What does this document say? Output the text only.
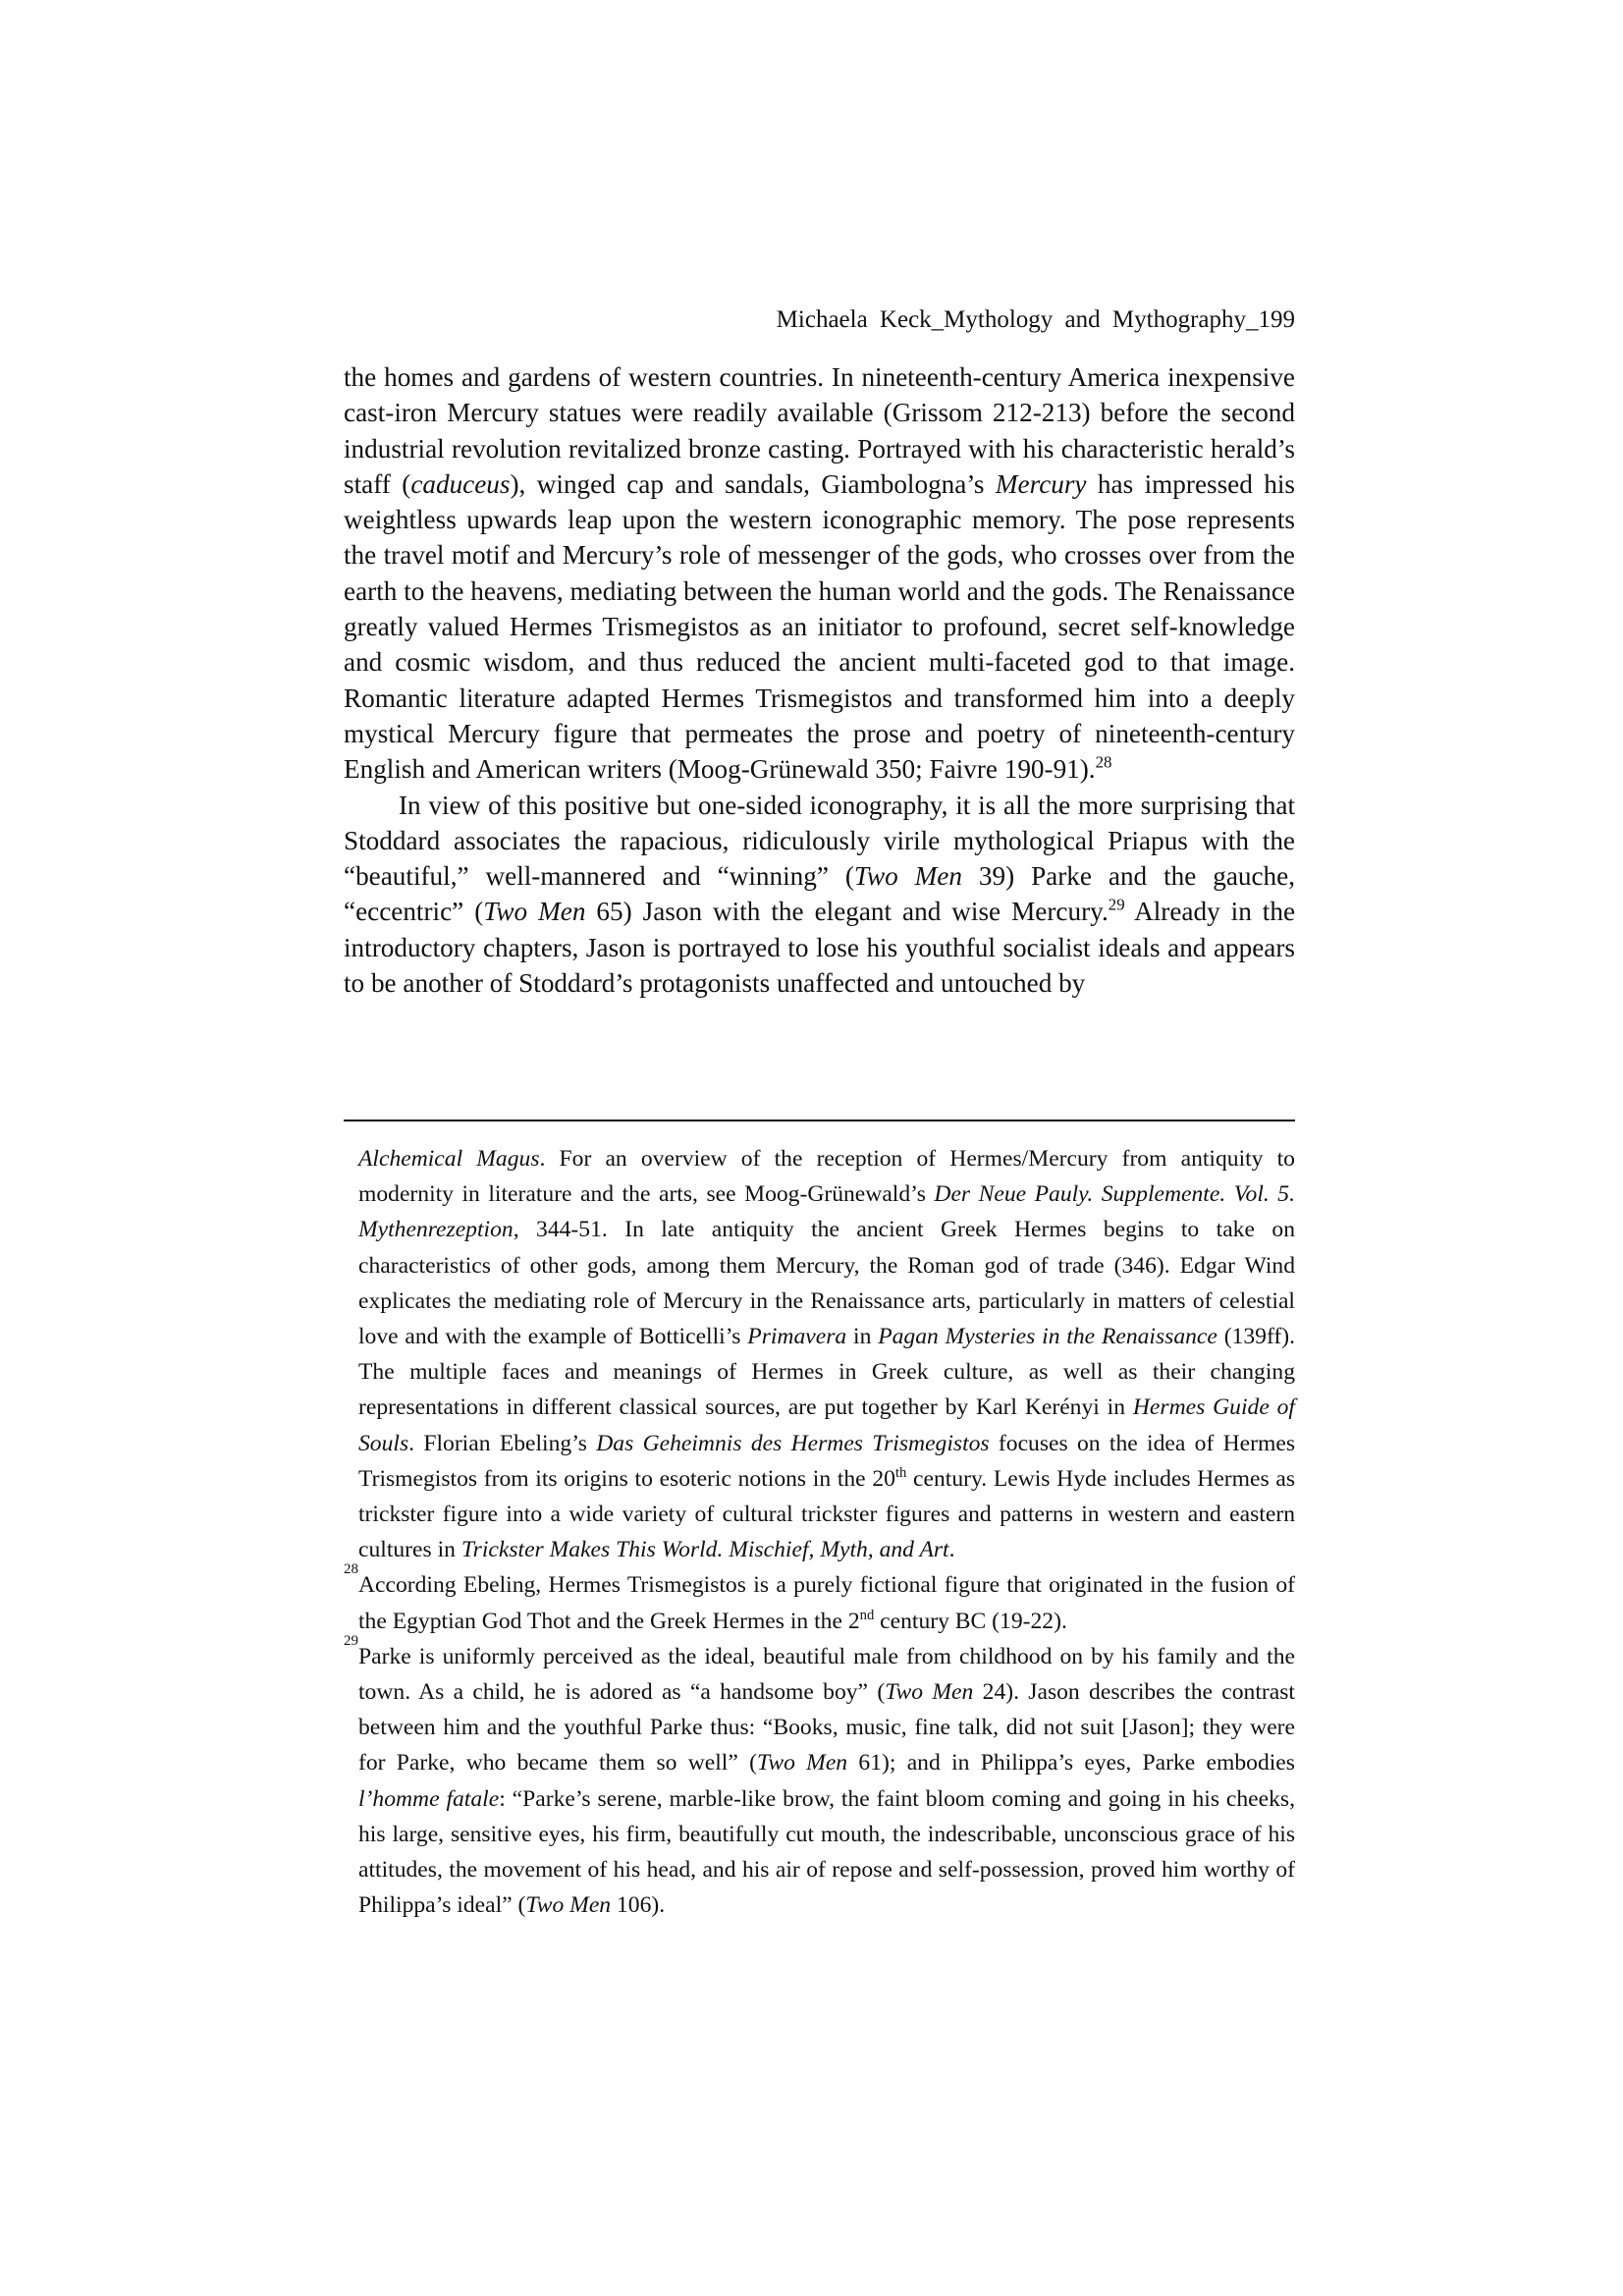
Michaela Keck_Mythology and Mythography_199

the homes and gardens of western countries. In nineteenth-century America inexpensive cast-iron Mercury statues were readily available (Grissom 212-213) before the second industrial revolution revitalized bronze casting. Portrayed with his characteristic herald’s staff (caduceus), winged cap and sandals, Giambologna’s Mercury has impressed his weightless upwards leap upon the western iconographic memory. The pose represents the travel motif and Mercury’s role of messenger of the gods, who crosses over from the earth to the heavens, mediating between the human world and the gods. The Renaissance greatly valued Hermes Trismegistos as an initiator to profound, secret self-knowledge and cosmic wisdom, and thus reduced the ancient multi-faceted god to that image. Romantic literature adapted Hermes Trismegistos and transformed him into a deeply mystical Mercury figure that permeates the prose and poetry of nineteenth-century English and American writers (Moog-Grünewald 350; Faivre 190-91).$^{28}$

In view of this positive but one-sided iconography, it is all the more surprising that Stoddard associates the rapacious, ridiculously virile mythological Priapus with the “beautiful,” well-mannered and “winning” (Two Men 39) Parke and the gauche, “eccentric” (Two Men 65) Jason with the elegant and wise Mercury.$^{29}$ Already in the introductory chapters, Jason is portrayed to lose his youthful socialist ideals and appears to be another of Stoddard’s protagonists unaffected and untouched by

Alchemical Magus. For an overview of the reception of Hermes/Mercury from antiquity to modernity in literature and the arts, see Moog-Grünewald’s Der Neue Pauly. Supplemente. Vol. 5. Mythenrezeption, 344-51. In late antiquity the ancient Greek Hermes begins to take on characteristics of other gods, among them Mercury, the Roman god of trade (346). Edgar Wind explicates the mediating role of Mercury in the Renaissance arts, particularly in matters of celestial love and with the example of Botticelli’s Primavera in Pagan Mysteries in the Renaissance (139ff). The multiple faces and meanings of Hermes in Greek culture, as well as their changing representations in different classical sources, are put together by Karl Kerényi in Hermes Guide of Souls. Florian Ebeling’s Das Geheimnis des Hermes Trismegistos focuses on the idea of Hermes Trismegistos from its origins to esoteric notions in the 20th century. Lewis Hyde includes Hermes as trickster figure into a wide variety of cultural trickster figures and patterns in western and eastern cultures in Trickster Makes This World. Mischief, Myth, and Art.

28
According Ebeling, Hermes Trismegistos is a purely fictional figure that originated in the fusion of the Egyptian God Thot and the Greek Hermes in the 2nd century BC (19-22).

29
Parke is uniformly perceived as the ideal, beautiful male from childhood on by his family and the town. As a child, he is adored as “a handsome boy” (Two Men 24). Jason describes the contrast between him and the youthful Parke thus: “Books, music, fine talk, did not suit [Jason]; they were for Parke, who became them so well” (Two Men 61); and in Philippa’s eyes, Parke embodies l’homme fatale: “Parke’s serene, marble-like brow, the faint bloom coming and going in his cheeks, his large, sensitive eyes, his firm, beautifully cut mouth, the indescribable, unconscious grace of his attitudes, the movement of his head, and his air of repose and self-possession, proved him worthy of Philippa’s ideal” (Two Men 106).
